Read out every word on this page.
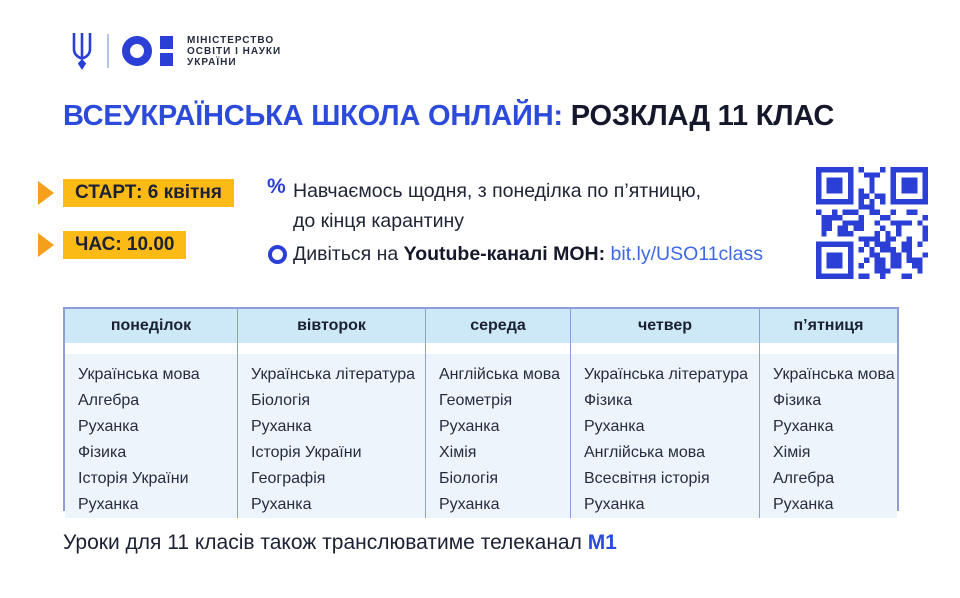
МІНІСТЕРСТВО
ОСВІТИ І НАУКИ
УКРАЇНИ
ВСЕУКРАЇНСЬКА ШКОЛА ОНЛАЙН: РОЗКЛАД 11 КЛАС
СТАРТ: 6 квітня
ЧАС: 10.00
% Навчаємось щодня, з понеділка по п’ятницю,
до кінця карантину
Дивіться на Youtube-каналі МОН: bit.ly/USO11class
понеділок
Українська мова
Алгебра
Руханка
Фізика
Історія України
Руханка
вівторок
Українська література
Біологія
Руханка
Історія України
Географія
Руханка
середа
Англійська мова
Геометрія
Руханка
Хімія
Біологія
Руханка
четвер
Українська література
Фізика
Руханка
Англійська мова
Всесвітня історія
Руханка
п’ятниця
Українська мова
Фізика
Руханка
Хімія
Алгебра
Руханка
Уроки для 11 класів також транслюватиме телеканал М1
